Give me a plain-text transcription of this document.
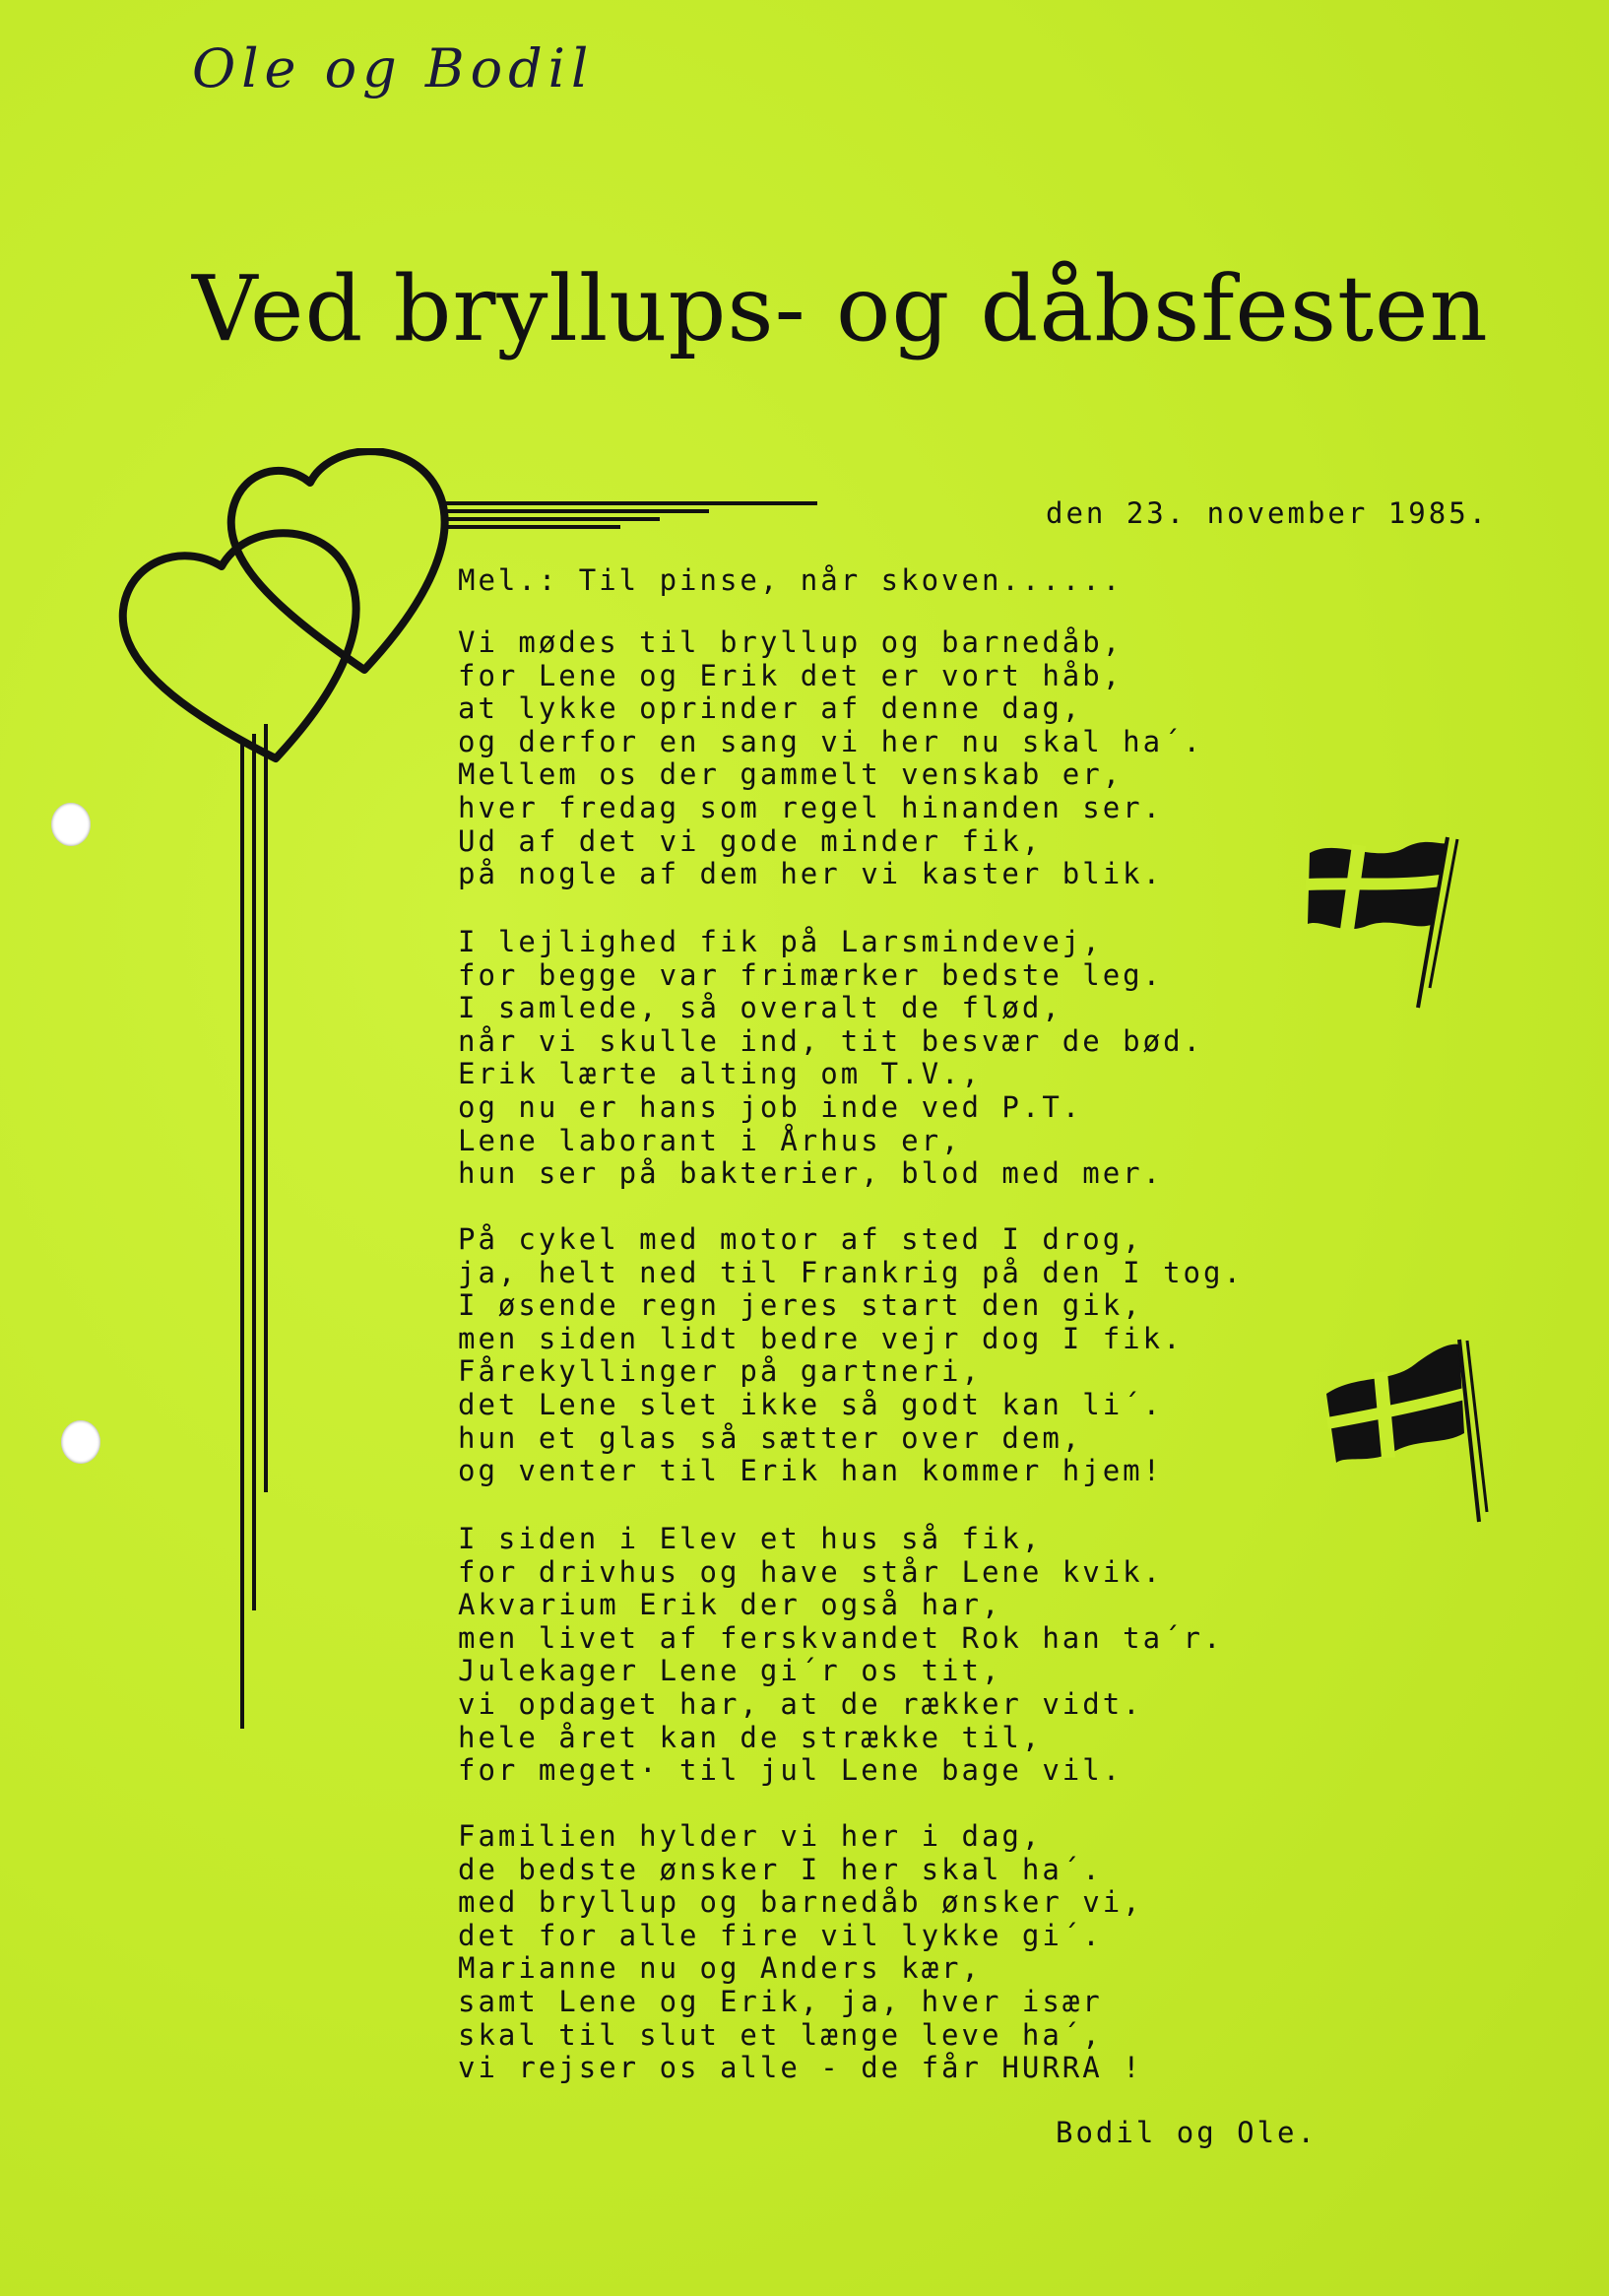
Ole og Bodil
Ved bryllups- og dåbsfesten
den 23. november 1985.
Mel.: Til pinse, når skoven......
Vi mødes til bryllup og barnedåb,
for Lene og Erik det er vort håb,
at lykke oprinder af denne dag,
og derfor en sang vi her nu skal ha´.
Mellem os der gammelt venskab er,
hver fredag som regel hinanden ser.
Ud af det vi gode minder fik,
på nogle af dem her vi kaster blik.
I lejlighed fik på Larsmindevej,
for begge var frimærker bedste leg.
I samlede, så overalt de flød,
når vi skulle ind, tit besvær de bød.
Erik lærte alting om T.V.,
og nu er hans job inde ved P.T.
Lene laborant i Århus er,
hun ser på bakterier, blod med mer.
På cykel med motor af sted I drog,
ja, helt ned til Frankrig på den I tog.
I øsende regn jeres start den gik,
men siden lidt bedre vejr dog I fik.
Fårekyllinger på gartneri,
det Lene slet ikke så godt kan li´.
hun et glas så sætter over dem,
og venter til Erik han kommer hjem!
I siden i Elev et hus så fik,
for drivhus og have står Lene kvik.
Akvarium Erik der også har,
men livet af ferskvandet Rok han ta´r.
Julekager Lene gi´r os tit,
vi opdaget har, at de rækker vidt.
hele året kan de strække til,
for meget· til jul Lene bage vil.
Familien hylder vi her i dag,
de bedste ønsker I her skal ha´.
med bryllup og barnedåb ønsker vi,
det for alle fire vil lykke gi´.
Marianne nu og Anders kær,
samt Lene og Erik, ja, hver især
skal til slut et længe leve ha´,
vi rejser os alle - de får HURRA !
Bodil og Ole.
